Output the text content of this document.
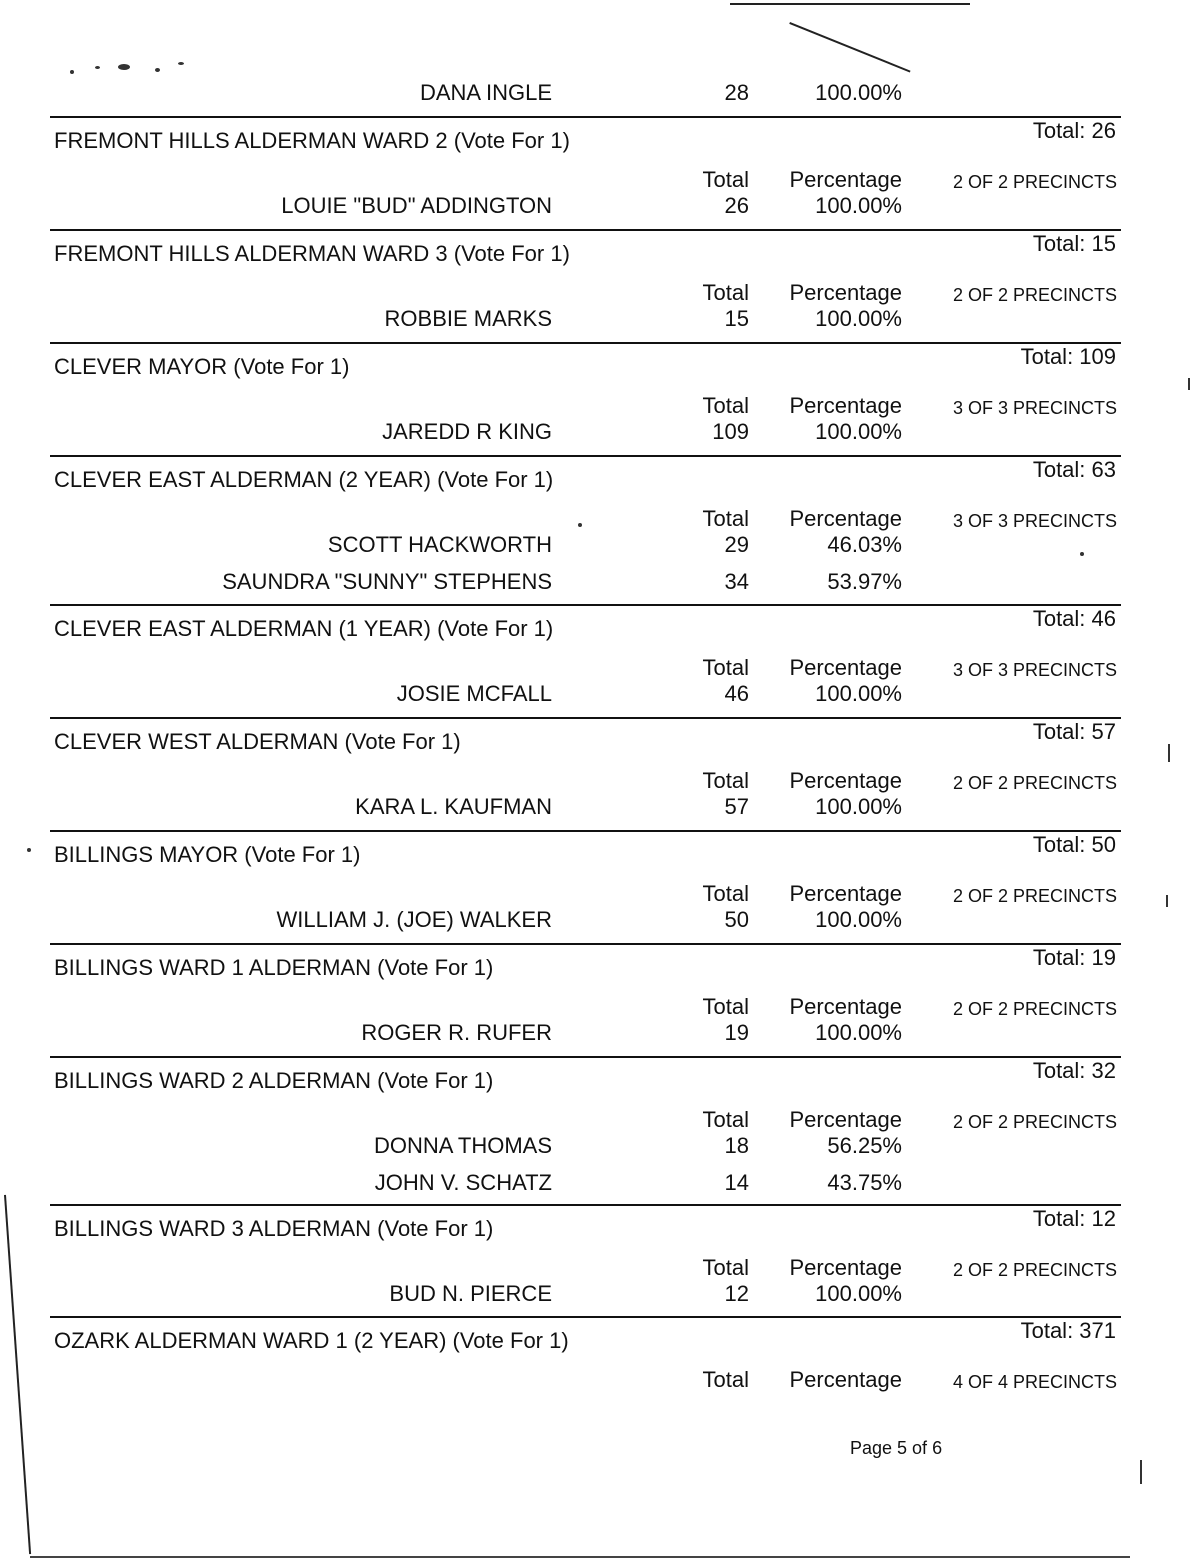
DANA INGLE	28	100.00%
FREMONT HILLS ALDERMAN WARD 2 (Vote For 1)	Total: 26
Total Percentage	2 OF 2 PRECINCTS
LOUIE "BUD" ADDINGTON	26	100.00%
FREMONT HILLS ALDERMAN WARD 3 (Vote For 1)	Total: 15
Total Percentage	2 OF 2 PRECINCTS
ROBBIE MARKS	15	100.00%
CLEVER MAYOR (Vote For 1)	Total: 109
Total Percentage	3 OF 3 PRECINCTS
JAREDD R KING	109	100.00%
CLEVER EAST ALDERMAN (2 YEAR) (Vote For 1)	Total: 63
Total Percentage	3 OF 3 PRECINCTS
SCOTT HACKWORTH	29	46.03%
SAUNDRA "SUNNY" STEPHENS	34	53.97%
CLEVER EAST ALDERMAN (1 YEAR) (Vote For 1)	Total: 46
Total Percentage	3 OF 3 PRECINCTS
JOSIE MCFALL	46	100.00%
CLEVER WEST ALDERMAN (Vote For 1)	Total: 57
Total Percentage	2 OF 2 PRECINCTS
KARA L. KAUFMAN	57	100.00%
BILLINGS MAYOR (Vote For 1)	Total: 50
Total Percentage	2 OF 2 PRECINCTS
WILLIAM J. (JOE) WALKER	50	100.00%
BILLINGS WARD 1 ALDERMAN (Vote For 1)	Total: 19
Total Percentage	2 OF 2 PRECINCTS
ROGER R. RUFER	19	100.00%
BILLINGS WARD 2 ALDERMAN (Vote For 1)	Total: 32
Total Percentage	2 OF 2 PRECINCTS
DONNA THOMAS	18	56.25%
JOHN V. SCHATZ	14	43.75%
BILLINGS WARD 3 ALDERMAN (Vote For 1)	Total: 12
Total Percentage	2 OF 2 PRECINCTS
BUD N. PIERCE	12	100.00%
OZARK ALDERMAN WARD 1 (2 YEAR) (Vote For 1)	Total: 371
Total Percentage	4 OF 4 PRECINCTS
Page 5 of 6
